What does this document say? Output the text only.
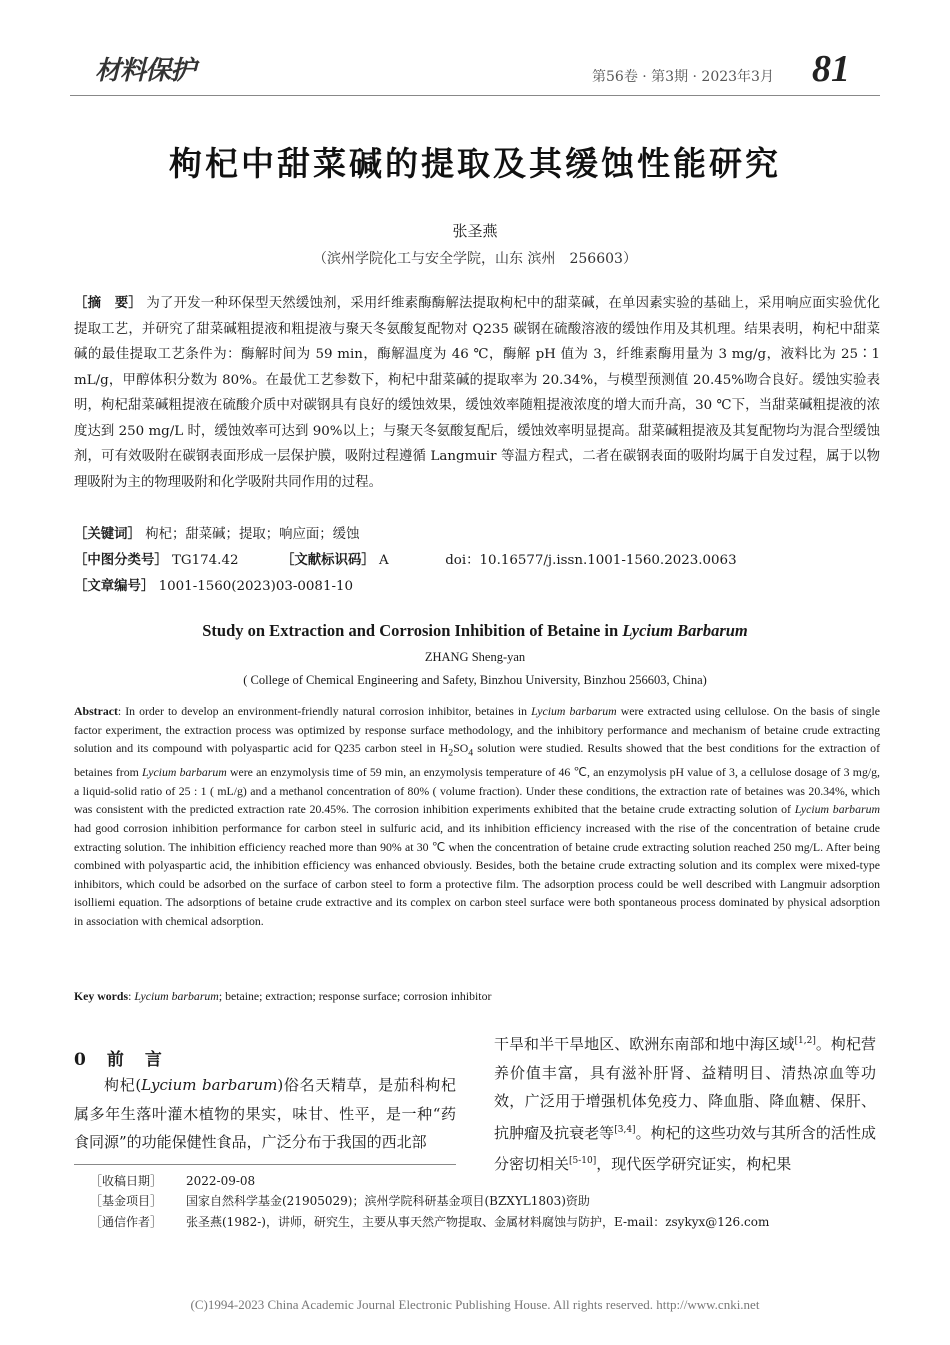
材料保护	第56卷 · 第3期 · 2023年3月 81
枸杞中甜菜碱的提取及其缓蚀性能研究
张圣燕
（滨州学院化工与安全学院，山东 滨州　256603）
［摘　要］ 为了开发一种环保型天然缓蚀剂，采用纤维素酶酶解法提取枸杞中的甜菜碱，在单因素实验的基础上，采用响应面实验优化提取工艺，并研究了甜菜碱粗提液和粗提液与聚天冬氨酸复配物对 Q235 碳钢在硫酸溶液的缓蚀作用及其机理。结果表明，枸杞中甜菜碱的最佳提取工艺条件为：酶解时间为 59 min，酶解温度为 46 ℃，酶解 pH 值为 3，纤维素酶用量为 3 mg/g，液料比为 25∶1 mL/g，甲醇体积分数为 80%。在最优工艺参数下，枸杞中甜菜碱的提取率为 20.34%，与模型预测值 20.45%吻合良好。缓蚀实验表明，枸杞甜菜碱粗提液在硫酸介质中对碳钢具有良好的缓蚀效果，缓蚀效率随粗提液浓度的增大而升高，30 ℃下，当甜菜碱粗提液的浓度达到 250 mg/L 时，缓蚀效率可达到 90%以上；与聚天冬氨酸复配后，缓蚀效率明显提高。甜菜碱粗提液及其复配物均为混合型缓蚀剂，可有效吸附在碳钢表面形成一层保护膜，吸附过程遵循 Langmuir 等温方程式，二者在碳钢表面的吸附均属于自发过程，属于以物理吸附为主的物理吸附和化学吸附共同作用的过程。
［关键词］ 枸杞；甜菜碱；提取；响应面；缓蚀
［中图分类号］ TG174.42	［文献标识码］ A	doi：10.16577/j.issn.1001-1560.2023.0063
［文章编号］ 1001-1560(2023)03-0081-10
Study on Extraction and Corrosion Inhibition of Betaine in Lycium Barbarum
ZHANG Sheng-yan
( College of Chemical Engineering and Safety, Binzhou University, Binzhou 256603, China)
Abstract: In order to develop an environment-friendly natural corrosion inhibitor, betaines in Lycium barbarum were extracted using cellulose. On the basis of single factor experiment, the extraction process was optimized by response surface methodology, and the inhibitory performance and mechanism of betaine crude extracting solution and its compound with polyaspartic acid for Q235 carbon steel in $H_2SO_4$ solution were studied. Results showed that the best conditions for the extraction of betaines from Lycium barbarum were an enzymolysis time of 59 min, an enzymolysis temperature of 46 ℃, an enzymolysis pH value of 3, a cellulose dosage of 3 mg/g, a liquid-solid ratio of 25 : 1 ( mL/g) and a methanol concentration of 80% ( volume fraction). Under these conditions, the extraction rate of betaines was 20.34%, which was consistent with the predicted extraction rate 20.45%. The corrosion inhibition experiments exhibited that the betaine crude extracting solution of Lycium barbarum had good corrosion inhibition performance for carbon steel in sulfuric acid, and its inhibition efficiency increased with the rise of the concentration of betaine crude extracting solution. The inhibition efficiency reached more than 90% at 30 ℃ when the concentration of betaine crude extracting solution reached 250 mg/L. After being combined with polyaspartic acid, the inhibition efficiency was enhanced obviously. Besides, both the betaine crude extracting solution and its complex were mixed-type inhibitors, which could be adsorbed on the surface of carbon steel to form a protective film. The adsorption process could be well described with Langmuir adsorption isolliemi equation. The adsorptions of betaine crude extractive and its complex on carbon steel surface were both spontaneous process dominated by physical adsorption in association with chemical adsorption.
Key words: Lycium barbarum; betaine; extraction; response surface; corrosion inhibitor
0　 前　言

枸杞(Lycium barbarum)俗名天精草，是茄科枸杞属多年生落叶灌木植物的果实，味甘、性平，是一种“药食同源”的功能保健性食品，广泛分布于我国的西北部

干旱和半干旱地区、欧洲东南部和地中海区域[1,2]。枸杞营养价值丰富，具有滋补肝肾、益精明目、清热凉血等功效，广泛用于增强机体免疫力、降血脂、降血糖、保肝、抗肿瘤及抗衰老等[3,4]。枸杞的这些功效与其所含的活性成分密切相关[5-10]，现代医学研究证实，枸杞果

［收稿日期］ 2022-09-08
［基金项目］ 国家自然科学基金(21905029)；滨州学院科研基金项目(BZXYL1803)资助
［通信作者］ 张圣燕(1982-)，讲师，研究生，主要从事天然产物提取、金属材料腐蚀与防护，E-mail：zsykyx@126.com
(C)1994-2023 China Academic Journal Electronic Publishing House. All rights reserved. http://www.cnki.net
